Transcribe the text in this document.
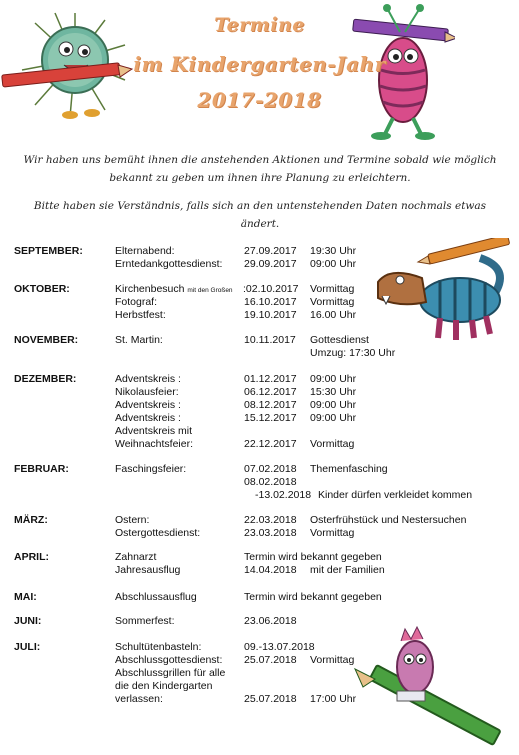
Termine
im Kindergarten-Jahr
2017-2018
Wir haben uns bemüht ihnen die anstehenden Aktionen und Termine sobald wie möglich bekannt zu geben um ihnen ihre Planung zu erleichtern.
Bitte haben sie Verständnis, falls sich an den untenstehenden Daten nochmals etwas ändert.
SEPTEMBER:	Elternabend:	27.09.2017 19:30 Uhr
Erntedankgottesdienst: 29.09.2017 09:00 Uhr
OKTOBER:	Kirchenbesuch mit den Großen :02.10.2017 Vormittag
Fotograf:	16.10.2017 Vormittag
Herbstfest:	19.10.2017 16.00 Uhr
NOVEMBER:	St. Martin:	10.11.2017 Gottesdienst
Umzug: 17:30 Uhr
DEZEMBER:	Adventskreis :	01.12.2017 09:00 Uhr
Nikolausfeier:	06.12.2017 15:30 Uhr
Adventskreis :	08.12.2017 09:00 Uhr
Adventskreis :	15.12.2017 09:00 Uhr
Adventskreis mit
Weihnachtsfeier:	22.12.2017 Vormittag
FEBRUAR:	Faschingsfeier:	07.02.2018 Themenfasching
08.02.2018
-13.02.2018 Kinder dürfen verkleidet kommen
MÄRZ:	Ostern:	22.03.2018 Osterfrühstück und Nestersuchen
Ostergottesdienst:	23.03.2018 Vormittag
APRIL:	Zahnarzt	Termin wird bekannt gegeben
Jahresausflug	14.04.2018 mit der Familien
MAI:	Abschlussausflug	Termin wird bekannt gegeben
JUNI:	Sommerfest:	23.06.2018
JULI:	Schultütenbasteln:	09.-13.07.2018
Abschlussgottesdienst: 25.07.2018 Vormittag
Abschlussgrillen für alle
die den Kindergarten
verlassen:	25.07.2018 17:00 Uhr
